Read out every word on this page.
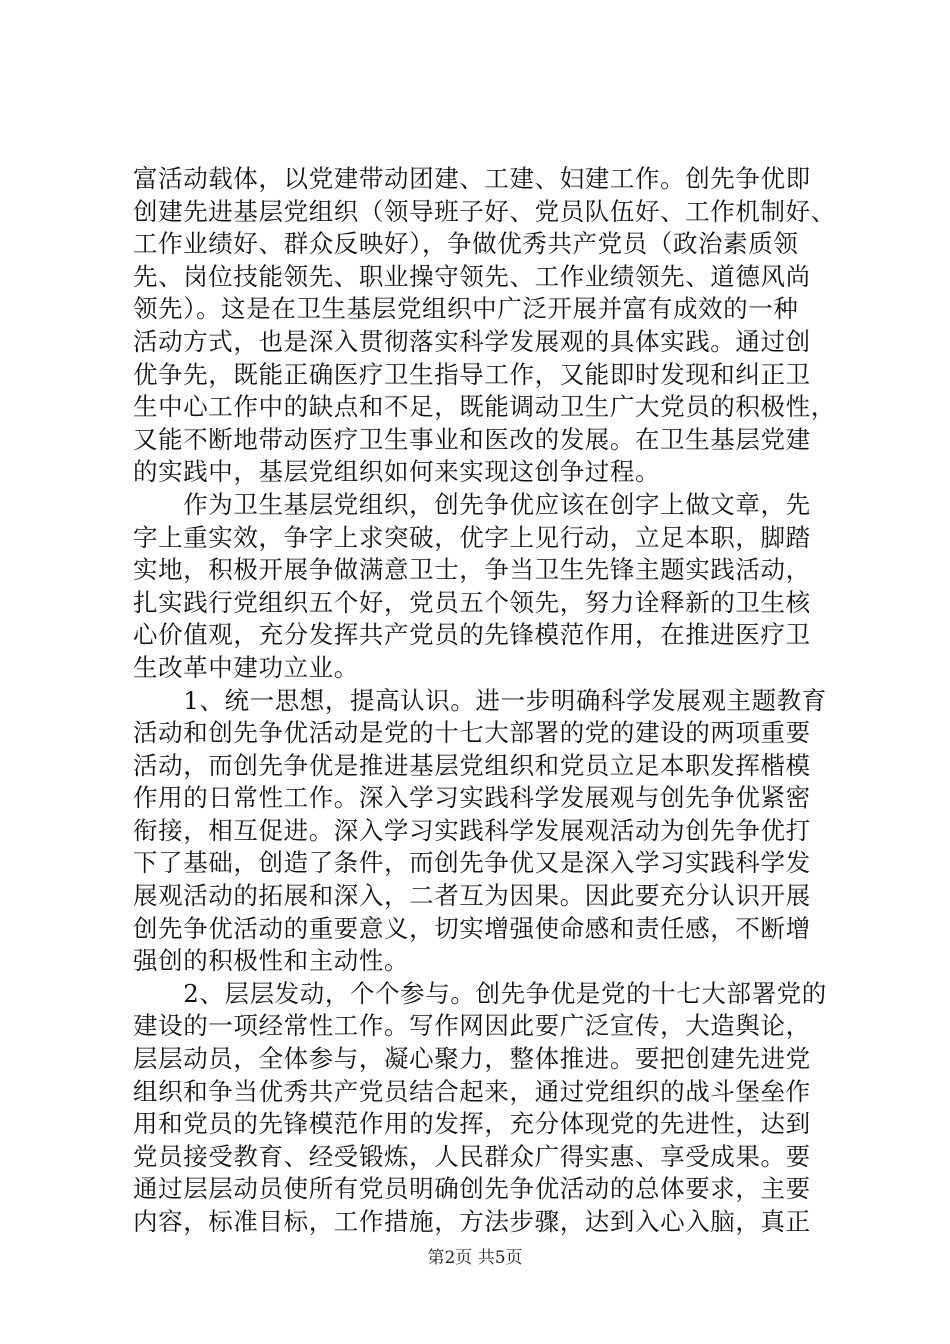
富活动载体，以党建带动团建、工建、妇建工作。创先争优即
创建先进基层党组织（领导班子好、党员队伍好、工作机制好、
工作业绩好、群众反映好），争做优秀共产党员（政治素质领
先、岗位技能领先、职业操守领先、工作业绩领先、道德风尚
领先）。这是在卫生基层党组织中广泛开展并富有成效的一种
活动方式，也是深入贯彻落实科学发展观的具体实践。通过创
优争先，既能正确医疗卫生指导工作，又能即时发现和纠正卫
生中心工作中的缺点和不足，既能调动卫生广大党员的积极性，
又能不断地带动医疗卫生事业和医改的发展。在卫生基层党建
的实践中，基层党组织如何来实现这创争过程。
　　作为卫生基层党组织，创先争优应该在创字上做文章，先
字上重实效，争字上求突破，优字上见行动，立足本职，脚踏
实地，积极开展争做满意卫士，争当卫生先锋主题实践活动，
扎实践行党组织五个好，党员五个领先，努力诠释新的卫生核
心价值观，充分发挥共产党员的先锋模范作用，在推进医疗卫
生改革中建功立业。
　　1、统一思想，提高认识。进一步明确科学发展观主题教育
活动和创先争优活动是党的十七大部署的党的建设的两项重要
活动，而创先争优是推进基层党组织和党员立足本职发挥楷模
作用的日常性工作。深入学习实践科学发展观与创先争优紧密
衔接，相互促进。深入学习实践科学发展观活动为创先争优打
下了基础，创造了条件，而创先争优又是深入学习实践科学发
展观活动的拓展和深入，二者互为因果。因此要充分认识开展
创先争优活动的重要意义，切实增强使命感和责任感，不断增
强创的积极性和主动性。
　　2、层层发动，个个参与。创先争优是党的十七大部署党的
建设的一项经常性工作。写作网因此要广泛宣传，大造舆论，
层层动员，全体参与，凝心聚力，整体推进。要把创建先进党
组织和争当优秀共产党员结合起来，通过党组织的战斗堡垒作
用和党员的先锋模范作用的发挥，充分体现党的先进性，达到
党员接受教育、经受锻炼，人民群众广得实惠、享受成果。要
通过层层动员使所有党员明确创先争优活动的总体要求，主要
内容，标准目标，工作措施，方法步骤，达到入心入脑，真正
第2页 共5页
